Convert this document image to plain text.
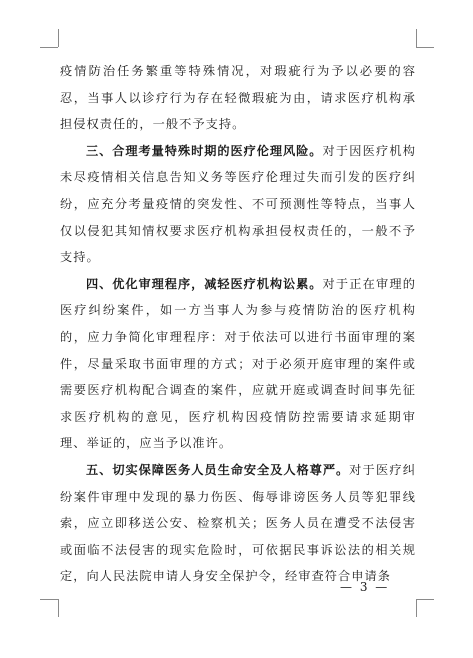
疫情防治任务繁重等特殊情况，对瑕疵行为予以必要的容忍，当事人以诊疗行为存在轻微瑕疵为由，请求医疗机构承担侵权责任的，一般不予支持。

三、合理考量特殊时期的医疗伦理风险。对于因医疗机构未尽疫情相关信息告知义务等医疗伦理过失而引发的医疗纠纷，应充分考量疫情的突发性、不可预测性等特点，当事人仅以侵犯其知情权要求医疗机构承担侵权责任的，一般不予支持。

四、优化审理程序，减轻医疗机构讼累。对于正在审理的医疗纠纷案件，如一方当事人为参与疫情防治的医疗机构的，应力争简化审理程序：对于依法可以进行书面审理的案件，尽量采取书面审理的方式；对于必须开庭审理的案件或需要医疗机构配合调查的案件，应就开庭或调查时间事先征求医疗机构的意见，医疗机构因疫情防控需要请求延期审理、举证的，应当予以准许。

五、切实保障医务人员生命安全及人格尊严。对于医疗纠纷案件审理中发现的暴力伤医、侮辱诽谤医务人员等犯罪线索，应立即移送公安、检察机关；医务人员在遭受不法侵害或面临不法侵害的现实危险时，可依据民事诉讼法的相关规定，向人民法院申请人身安全保护令，经审查符合申请条

— 3 —
